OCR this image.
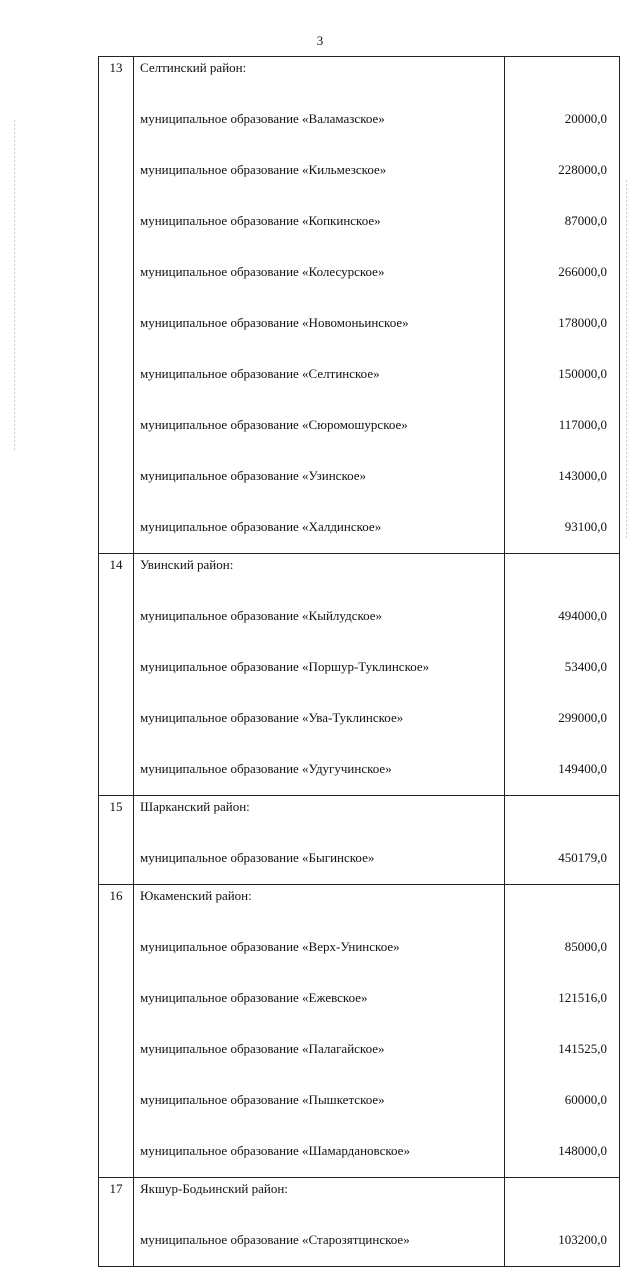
3
13	Селтинский район:	
	муниципальное образование «Валамазское»	20000,0
	муниципальное образование «Кильмезское»	228000,0
	муниципальное образование «Копкинское»	87000,0
	муниципальное образование «Колесурское»	266000,0
	муниципальное образование «Новомоньинское»	178000,0
	муниципальное образование «Селтинское»	150000,0
	муниципальное образование «Сюромошурское»	117000,0
	муниципальное образование «Узинское»	143000,0
	муниципальное образование «Халдинское»	93100,0
14	Увинский район:	
	муниципальное образование «Кыйлудское»	494000,0
	муниципальное образование «Поршур-Туклинское»	53400,0
	муниципальное образование «Ува-Туклинское»	299000,0
	муниципальное образование «Удугучинское»	149400,0
15	Шарканский район:	
	муниципальное образование «Быгинское»	450179,0
16	Юкаменский район:	
	муниципальное образование «Верх-Унинское»	85000,0
	муниципальное образование «Ежевское»	121516,0
	муниципальное образование «Палагайское»	141525,0
	муниципальное образование «Пышкетское»	60000,0
	муниципальное образование «Шамардановское»	148000,0
17	Якшур-Бодьинский район:	
	муниципальное образование «Старозятцинское»	103200,0
